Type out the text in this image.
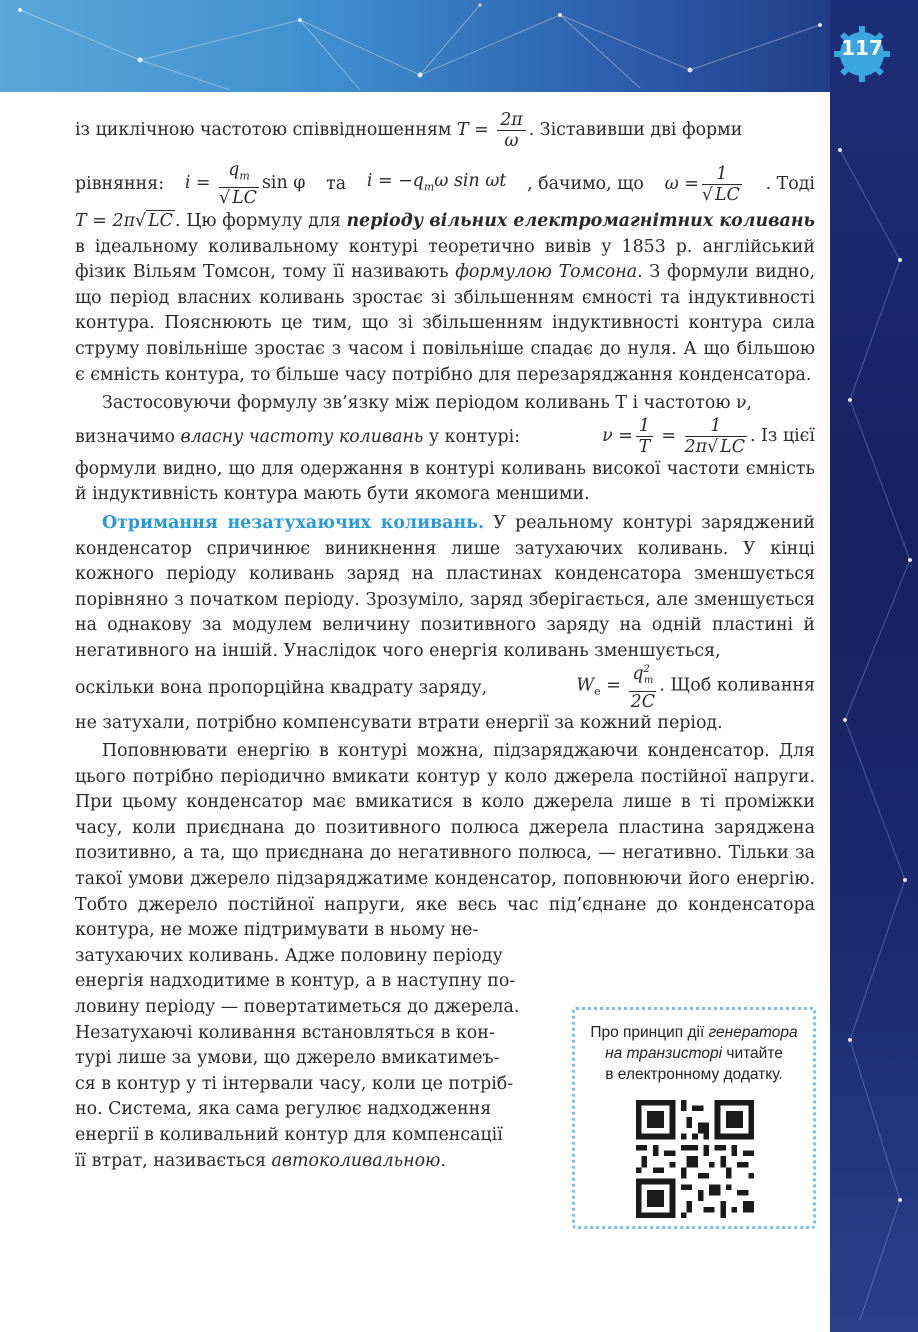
117

із циклічною частотою співвідношенням $T = \frac{2\pi}{\omega}$ . Зіставивши дві форми

рівняння: $i = \frac{q_m}{√ LC}$ sin φ та $i = -q_m\omega$ sin ωt , бачимо, що $\omega = \frac{1}{√ LC}$ . Тоді

T = 2π√ LC . Цю формулу для періоду вільних електромагнітних коливань в ідеальному коливальному контурі теоретично вивів у 1853 р. англійський фізик Вільям Томсон, тому її називають формулою Томсона. З формули видно, що період власних коливань зростає зі збільшенням ємності та індуктивності контура. Пояснюють це тим, що зі збільшенням індуктивності контура сила струму повільніше зростає з часом і повільніше спадає до нуля. А що більшою є ємність контура, то більше часу потрібно для перезаряджання конденсатора.

Застосовуючи формулу зв’язку між періодом коливань T і частотою ν,

визначимо власну частоту коливань у контурі:	$\nu = \frac{1}{T} = \frac{1}{2\pi√ LC}$ . Із цієї

формули видно, що для одержання в контурі коливань високої частоти ємність й індуктивність контура мають бути якомога меншими.

Отримання незатухаючих коливань. У реальному контурі заряджений конденсатор спричинює виникнення лише затухаючих коливань. У кінці кожного періоду коливань заряд на пластинах конденсатора зменшується порівняно з початком періоду. Зрозуміло, заряд зберігається, але зменшується на однакову за модулем величину позитивного заряду на одній пластині й негативного на іншій. Унаслідок чого енергія коливань зменшується,

оскільки вона пропорційна квадрату заряду,	$W_e = \frac{q^2_m}{2C}$ . Щоб коливання

не затухали, потрібно компенсувати втрати енергії за кожний період.

Поповнювати енергію в контурі можна, підзаряджаючи конденсатор. Для цього потрібно періодично вмикати контур у коло джерела постійної напруги. При цьому конденсатор має вмикатися в коло джерела лише в ті проміжки часу, коли приєднана до позитивного полюса джерела пластина заряджена позитивно, а та, що приєднана до негативного полюса, — негативно. Тільки за такої умови джерело підзаряджатиме конденсатор, поповнюючи його енергію. Тобто джерело постійної напруги, яке весь час під’єднане до конденсатора контура, не може підтримувати в ньому не-

затухаючих коливань. Адже половину періоду

енергія надходитиме в контур, а в наступну по-

ловину періоду — повертатиметься до джерела.

Незатухаючі коливання встановляться в кон-

турі лише за умови, що джерело вмикатимеъ-

ся в контур у ті інтервали часу, коли це потріб-

но. Система, яка сама регулює надходження

енергії в коливальний контур для компенсації

її втрат, називається автоколивальною.

Про принцип дії генератора
на транзисторі читайте
в електронному додатку.
